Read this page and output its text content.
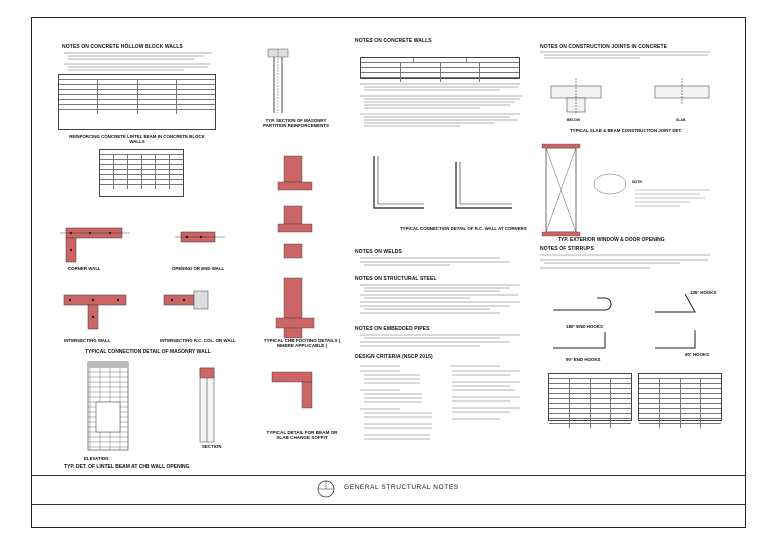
NOTES ON CONCRETE HOLLOW BLOCK WALLS
REINFORCING CONCRETE LINTEL BEAM IN CONCRETE BLOCK WALLS
CORNER WALL	OPENING OR END WALL
INTERSECTING WALL	INTERSECTING R.C. COL. OR WALL
TYPICAL CONNECTION DETAIL OF MASONRY WALL
ELEVATION
SECTION
TYP. DET. OF LINTEL BEAM AT CHB WALL OPENING
TYP. SECTION OF MASONRY PARTITION REINFORCEMENTS
TYPICAL CHB FOOTING DETAILS ( WHERE APPLICABLE )
TYPICAL DETAIL FOR BEAM OR SLAB CHANGE SOFFIT
NOTES ON CONCRETE WALLS
TYPICAL CONNECTION DETAIL OF R.C. WALL AT CORNERS
NOTES ON WELDS
NOTES ON STRUCTURAL STEEL
NOTES ON EMBEDDED PIPES
DESIGN CRITERIA (NSCP 2015)
NOTES ON CONSTRUCTION JOINTS IN CONCRETE
BELOW	SLAB
TYPICAL SLAB & BEAM CONSTRUCTION JOINT DET.
NOTE:
TYP. EXTERIOR WINDOW & DOOR OPENING
NOTES OF STIRRUPS
180° END HOOKS
135° HOOKS
90° END HOOKS
90° HOOKS
GENERAL STRUCTURAL NOTES
